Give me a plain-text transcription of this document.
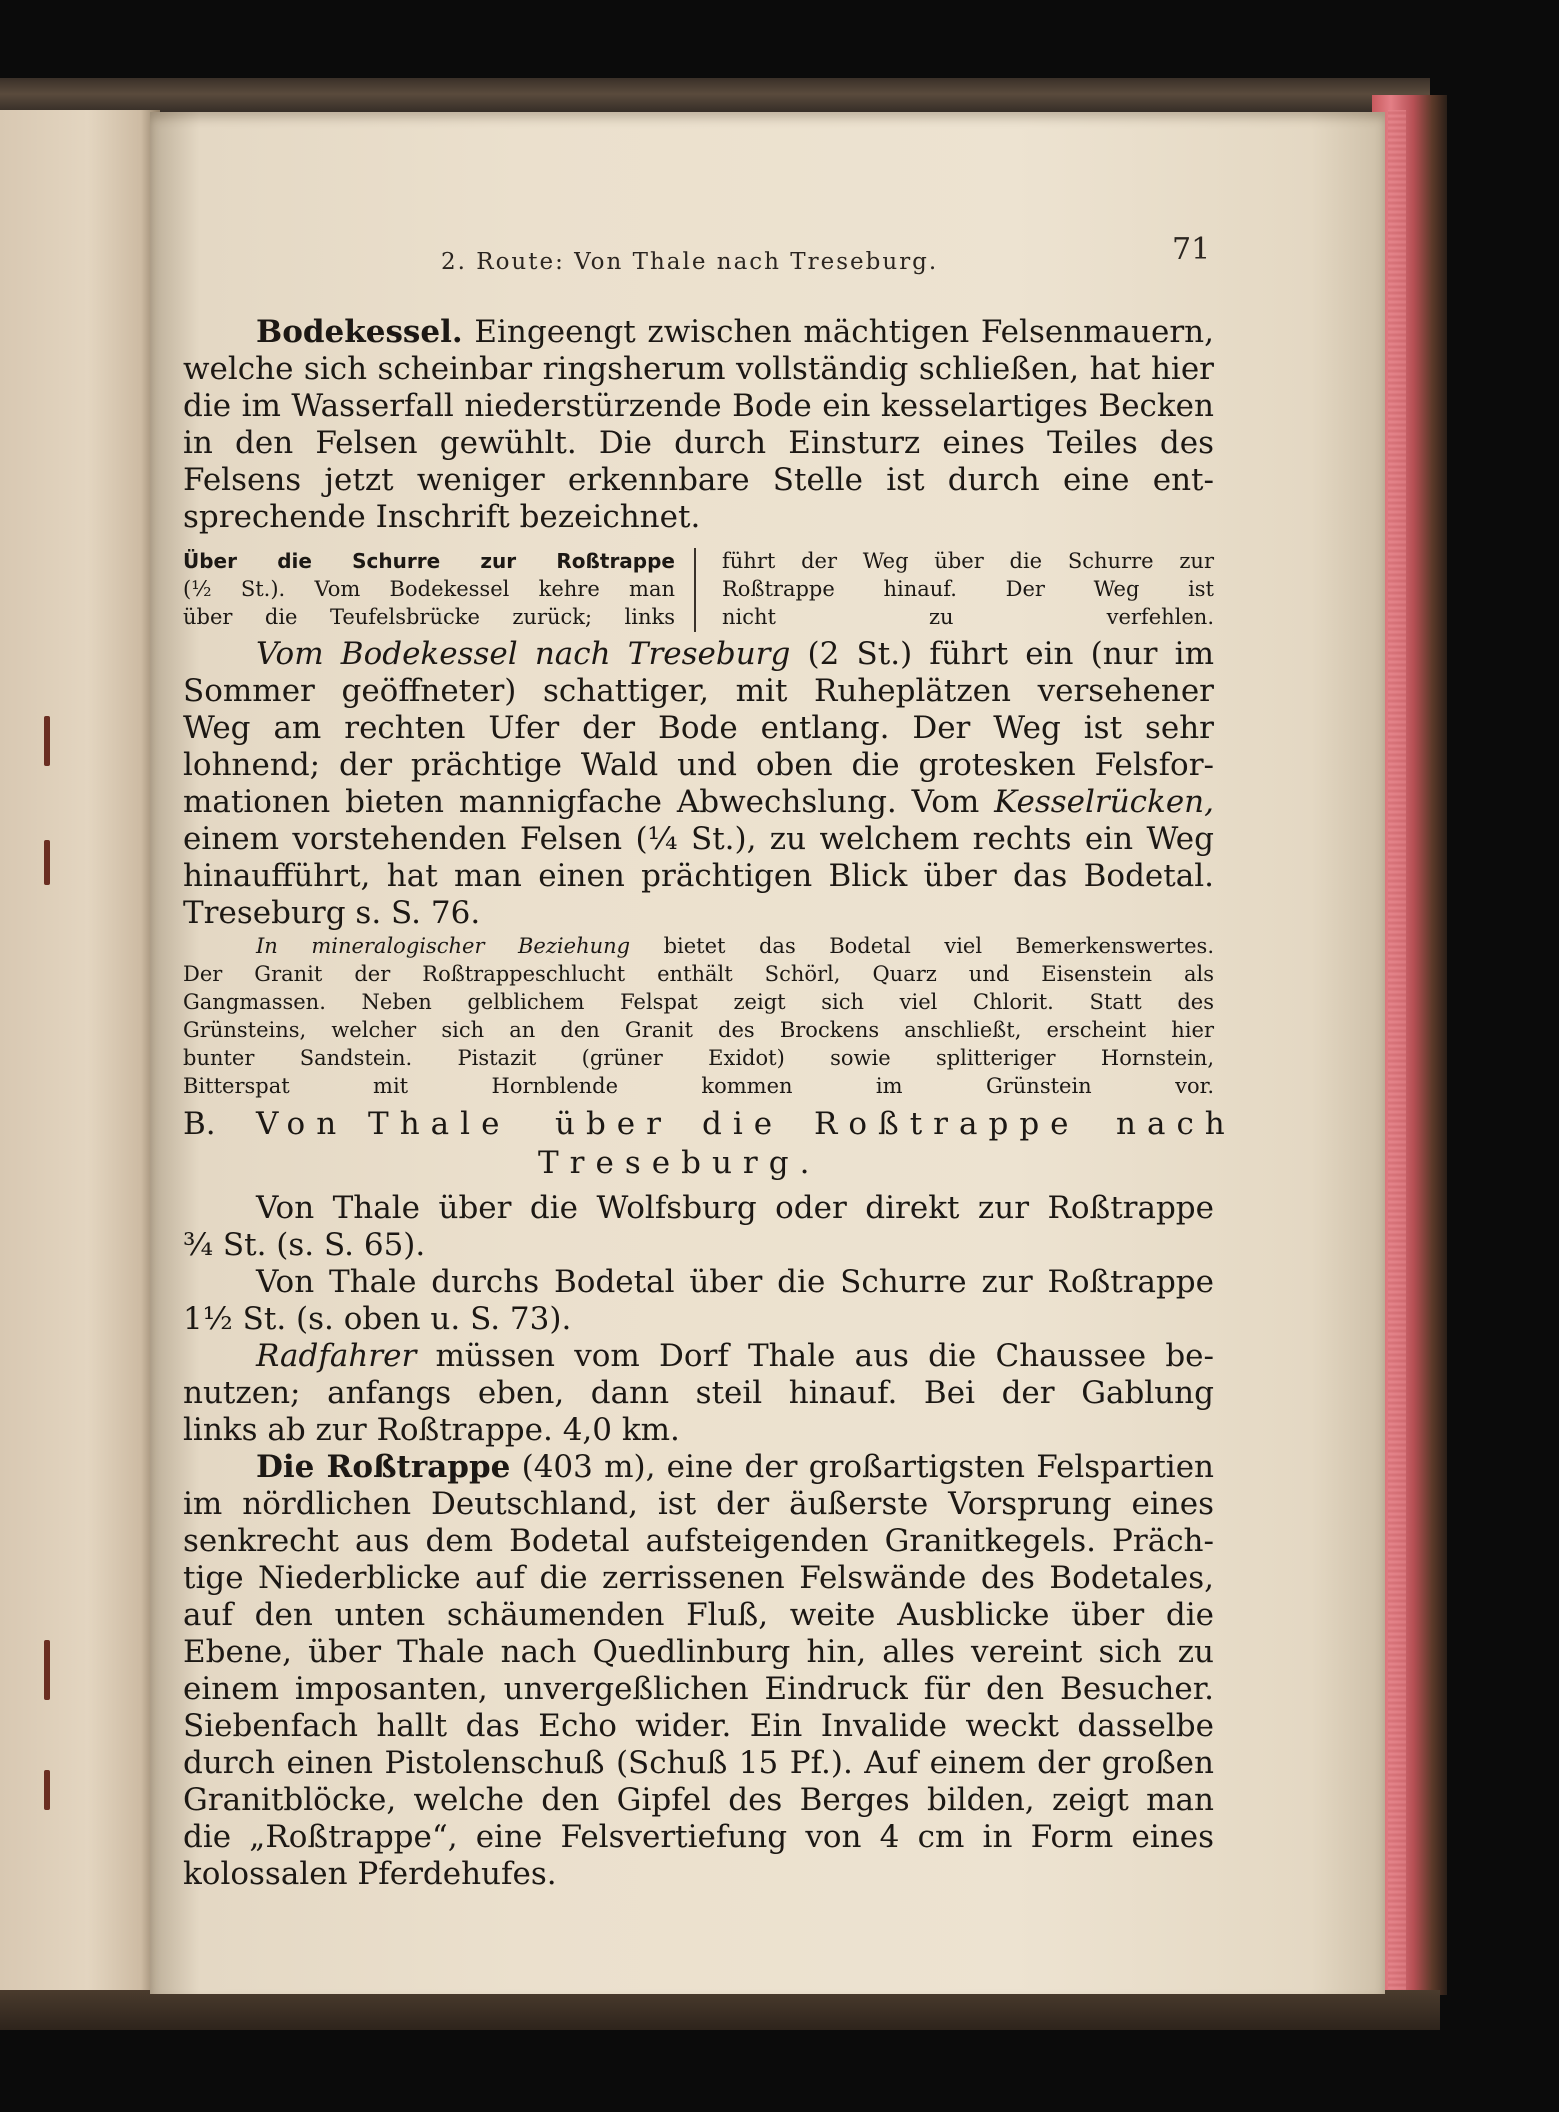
2. Route: Von Thale nach Treseburg.	71
Bodekessel. Eingeengt zwischen mächtigen Felsenmauern,
welche sich scheinbar ringsherum vollständig schließen, hat hier
die im Wasserfall niederstürzende Bode ein kesselartiges Becken
in den Felsen gewühlt. Die durch Einsturz eines Teiles des
Felsens jetzt weniger erkennbare Stelle ist durch eine ent-
sprechende Inschrift bezeichnet.
Über die Schurre zur Roßtrappe
(½ St.). Vom Bodekessel kehre man
über die Teufelsbrücke zurück; links
führt der Weg über die Schurre zur
Roßtrappe hinauf. Der Weg ist
nicht zu verfehlen.
Vom Bodekessel nach Treseburg (2 St.) führt ein (nur im
Sommer geöffneter) schattiger, mit Ruheplätzen versehener
Weg am rechten Ufer der Bode entlang. Der Weg ist sehr
lohnend; der prächtige Wald und oben die grotesken Felsfor-
mationen bieten mannigfache Abwechslung. Vom Kesselrücken,
einem vorstehenden Felsen (¼ St.), zu welchem rechts ein Weg
hinaufführt, hat man einen prächtigen Blick über das Bodetal.
Treseburg s. S. 76.
In mineralogischer Beziehung bietet das Bodetal viel Bemerkenswertes.
Der Granit der Roßtrappeschlucht enthält Schörl, Quarz und Eisenstein als
Gangmassen. Neben gelblichem Felspat zeigt sich viel Chlorit. Statt des
Grünsteins, welcher sich an den Granit des Brockens anschließt, erscheint hier
bunter Sandstein. Pistazit (grüner Exidot) sowie splitteriger Hornstein,
Bitterspat mit Hornblende kommen im Grünstein vor.
B. Von Thale über die Roßtrappe nach
Treseburg.
Von Thale über die Wolfsburg oder direkt zur Roßtrappe
¾ St. (s. S. 65).
Von Thale durchs Bodetal über die Schurre zur Roßtrappe
1½ St. (s. oben u. S. 73).
Radfahrer müssen vom Dorf Thale aus die Chaussee be-
nutzen; anfangs eben, dann steil hinauf. Bei der Gablung
links ab zur Roßtrappe. 4,0 km.
Die Roßtrappe (403 m), eine der großartigsten Felspartien
im nördlichen Deutschland, ist der äußerste Vorsprung eines
senkrecht aus dem Bodetal aufsteigenden Granitkegels. Präch-
tige Niederblicke auf die zerrissenen Felswände des Bodetales,
auf den unten schäumenden Fluß, weite Ausblicke über die
Ebene, über Thale nach Quedlinburg hin, alles vereint sich zu
einem imposanten, unvergeßlichen Eindruck für den Besucher.
Siebenfach hallt das Echo wider. Ein Invalide weckt dasselbe
durch einen Pistolenschuß (Schuß 15 Pf.). Auf einem der großen
Granitblöcke, welche den Gipfel des Berges bilden, zeigt man
die „Roßtrappe“, eine Felsvertiefung von 4 cm in Form eines
kolossalen Pferdehufes.
